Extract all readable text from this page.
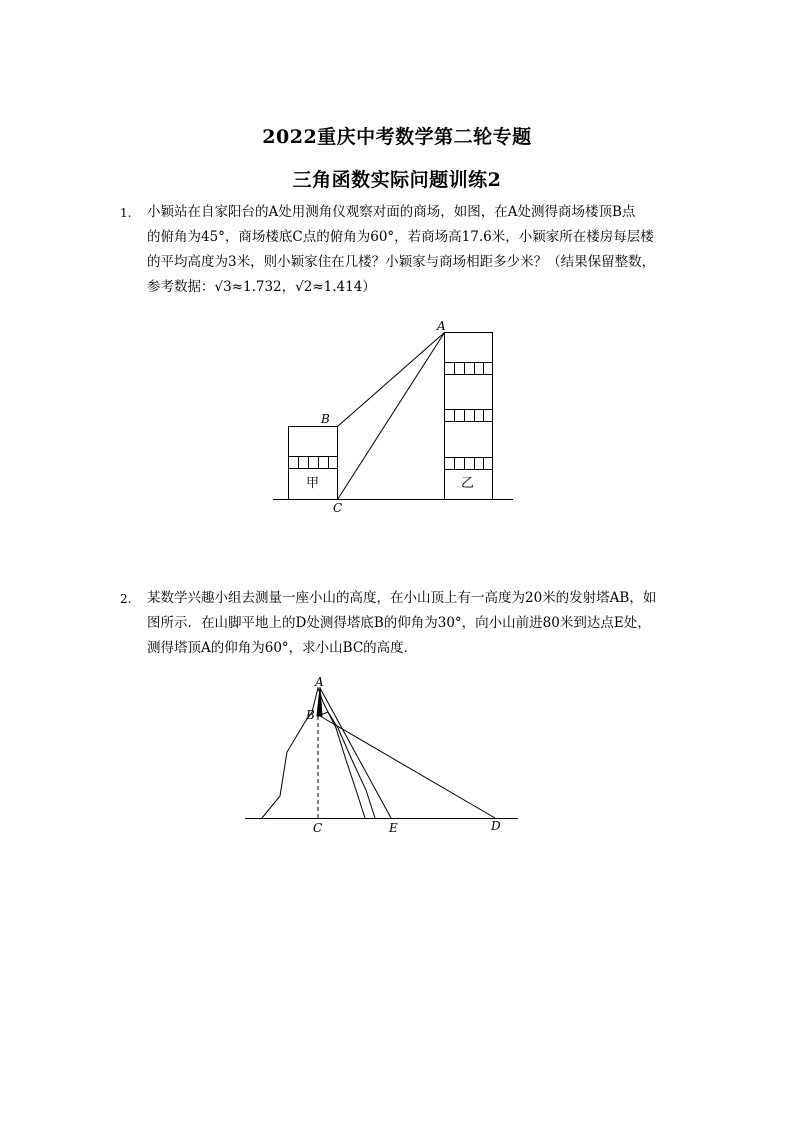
2022重庆中考数学第二轮专题
三角函数实际问题训练2
1. 小颖站在自家阳台的A处用测角仪观察对面的商场，如图，在A处测得商场楼顶B点

的俯角为45°，商场楼底C点的俯角为60°，若商场高17.6米，小颖家所在楼房每层楼

的平均高度为3米，则小颖家住在几楼？小颖家与商场相距多少米？（结果保留整数，

参考数据：√3≈1.732，√2≈1.414）

A
B
C
甲	乙
2. 某数学兴趣小组去测量一座小山的高度，在小山顶上有一高度为20米的发射塔AB，如

图所示．在山脚平地上的D处测得塔底B的仰角为30°，向小山前进80米到达点E处，

测得塔顶A的仰角为60°，求小山BC的高度．

A
B
C	E	D
